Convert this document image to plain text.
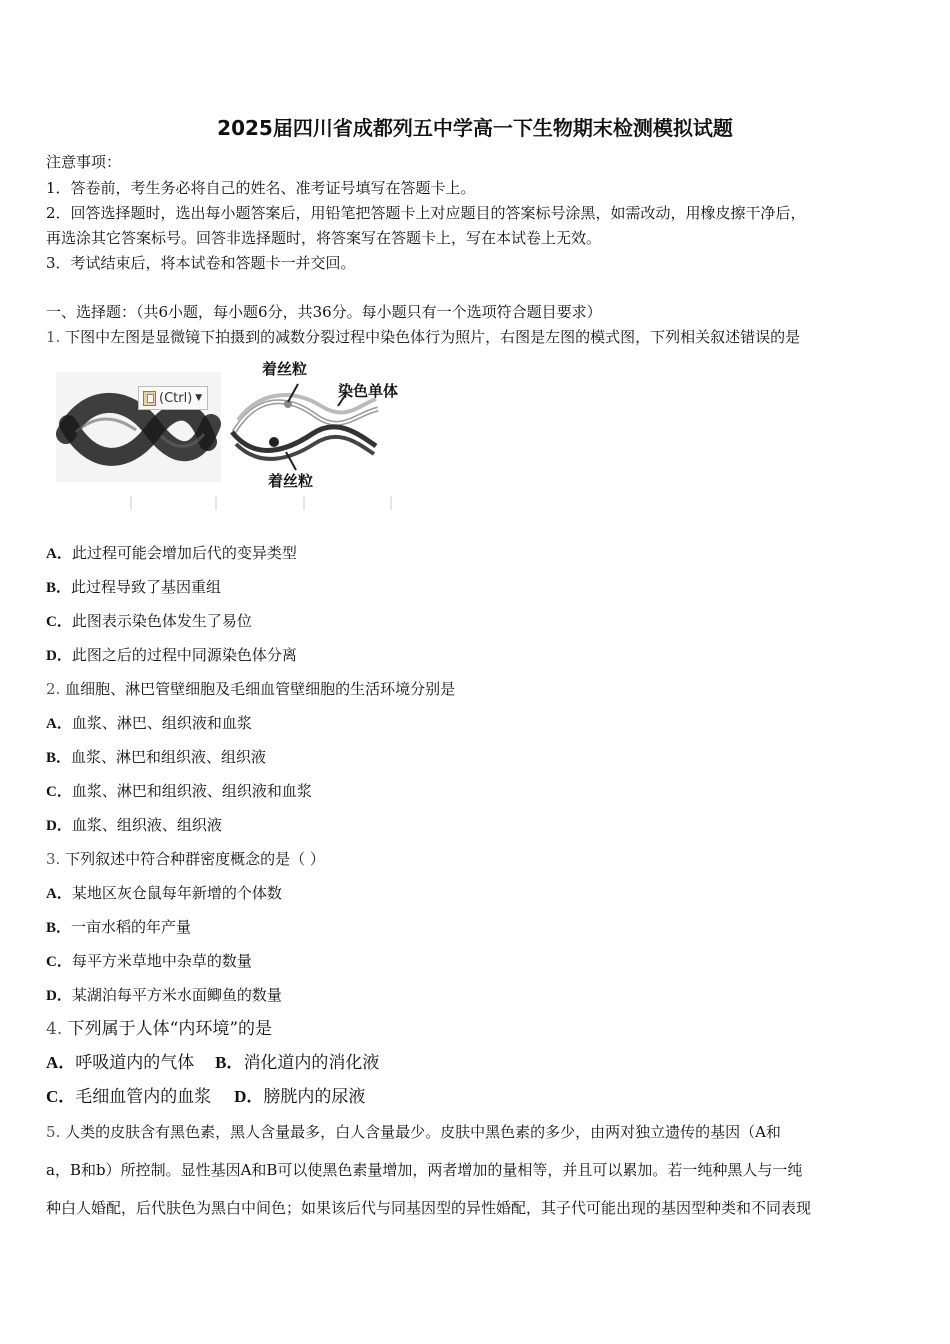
2025届四川省成都列五中学高一下生物期末检测模拟试题
注意事项：
1．答卷前，考生务必将自己的姓名、准考证号填写在答题卡上。
2．回答选择题时，选出每小题答案后，用铅笔把答题卡上对应题目的答案标号涂黑，如需改动，用橡皮擦干净后，
再选涂其它答案标号。回答非选择题时，将答案写在答题卡上，写在本试卷上无效。
3．考试结束后，将本试卷和答题卡一并交回。
一、选择题：（共6小题，每小题6分，共36分。每小题只有一个选项符合题目要求）
1. 下图中左图是显微镜下拍摄到的减数分裂过程中染色体行为照片，右图是左图的模式图，下列相关叙述错误的是
(Ctrl) ▼
着丝粒
染色单体
着丝粒
A．此过程可能会增加后代的变异类型
B．此过程导致了基因重组
C．此图表示染色体发生了易位
D．此图之后的过程中同源染色体分离
2. 血细胞、淋巴管壁细胞及毛细血管壁细胞的生活环境分别是
A．血浆、淋巴、组织液和血浆
B．血浆、淋巴和组织液、组织液
C．血浆、淋巴和组织液、组织液和血浆
D．血浆、组织液、组织液
3. 下列叙述中符合种群密度概念的是（ ）
A．某地区灰仓鼠每年新增的个体数
B．一亩水稻的年产量
C．每平方米草地中杂草的数量
D．某湖泊每平方米水面鲫鱼的数量
4. 下列属于人体“内环境”的是
A．呼吸道内的气体 B．消化道内的消化液
C．毛细血管内的血浆 D．膀胱内的尿液
5. 人类的皮肤含有黑色素，黑人含量最多，白人含量最少。皮肤中黑色素的多少，由两对独立遗传的基因（A和
a，B和b）所控制。显性基因A和B可以使黑色素量增加，两者增加的量相等，并且可以累加。若一纯种黑人与一纯
种白人婚配，后代肤色为黑白中间色；如果该后代与同基因型的异性婚配，其子代可能出现的基因型种类和不同表现
